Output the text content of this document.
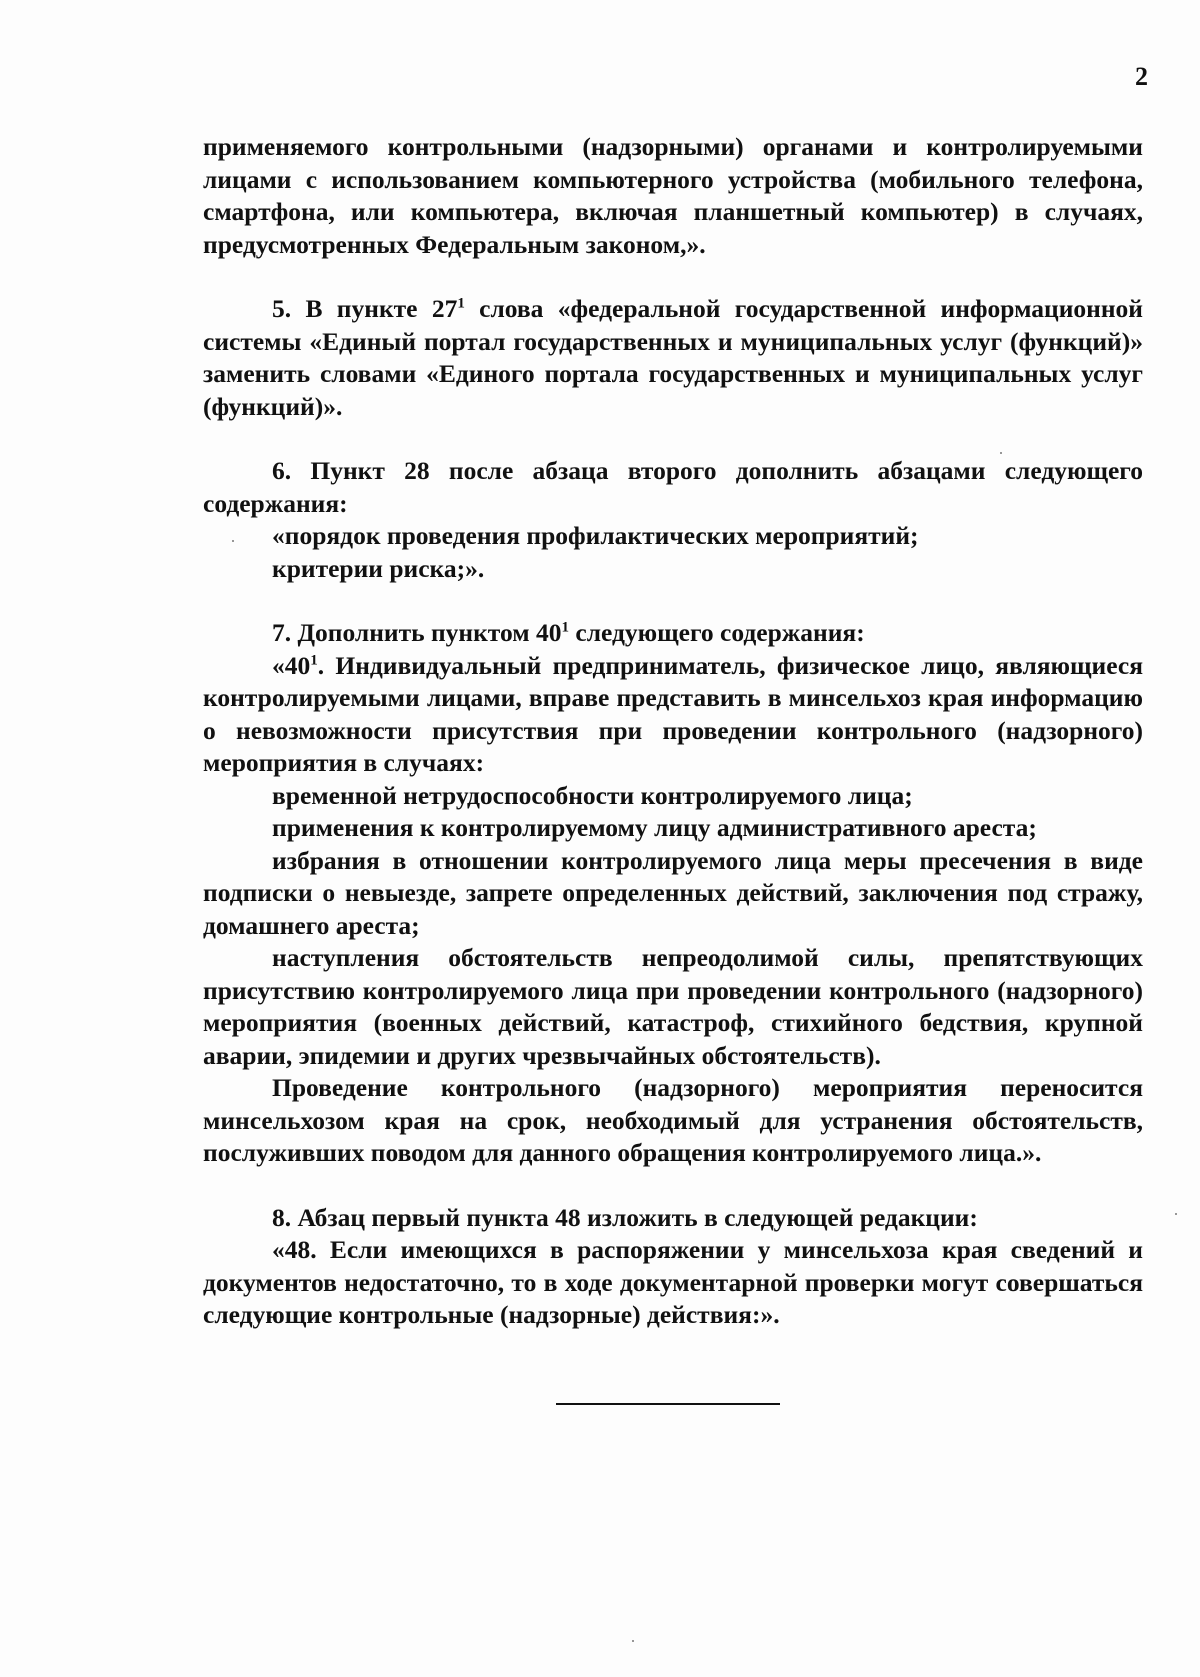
2

применяемого контрольными (надзорными) органами и контролируемыми лицами с использованием компьютерного устройства (мобильного телефона, смартфона, или компьютера, включая планшетный компьютер) в случаях, предусмотренных Федеральным законом,».

5. В пункте $27^1$ слова «федеральной государственной информационной системы «Единый портал государственных и муниципальных услуг (функций)» заменить словами «Единого портала государственных и муниципальных услуг (функций)».

6. Пункт 28 после абзаца второго дополнить абзацами следующего содержания:

«порядок проведения профилактических мероприятий;

критерии риска;».

7. Дополнить пунктом $40^1$ следующего содержания:

«$40^1$. Индивидуальный предприниматель, физическое лицо, являющиеся контролируемыми лицами, вправе представить в минсельхоз края информацию о невозможности присутствия при проведении контрольного (надзорного) мероприятия в случаях:

временной нетрудоспособности контролируемого лица;

применения к контролируемому лицу административного ареста;

избрания в отношении контролируемого лица меры пресечения в виде подписки о невыезде, запрете определенных действий, заключения под стражу, домашнего ареста;

наступления обстоятельств непреодолимой силы, препятствующих присутствию контролируемого лица при проведении контрольного (надзорного) мероприятия (военных действий, катастроф, стихийного бедствия, крупной аварии, эпидемии и других чрезвычайных обстоятельств).

Проведение контрольного (надзорного) мероприятия переносится минсельхозом края на срок, необходимый для устранения обстоятельств, послуживших поводом для данного обращения контролируемого лица.».

8. Абзац первый пункта 48 изложить в следующей редакции:

«48. Если имеющихся в распоряжении у минсельхоза края сведений и документов недостаточно, то в ходе документарной проверки могут совершаться следующие контрольные (надзорные) действия:».
